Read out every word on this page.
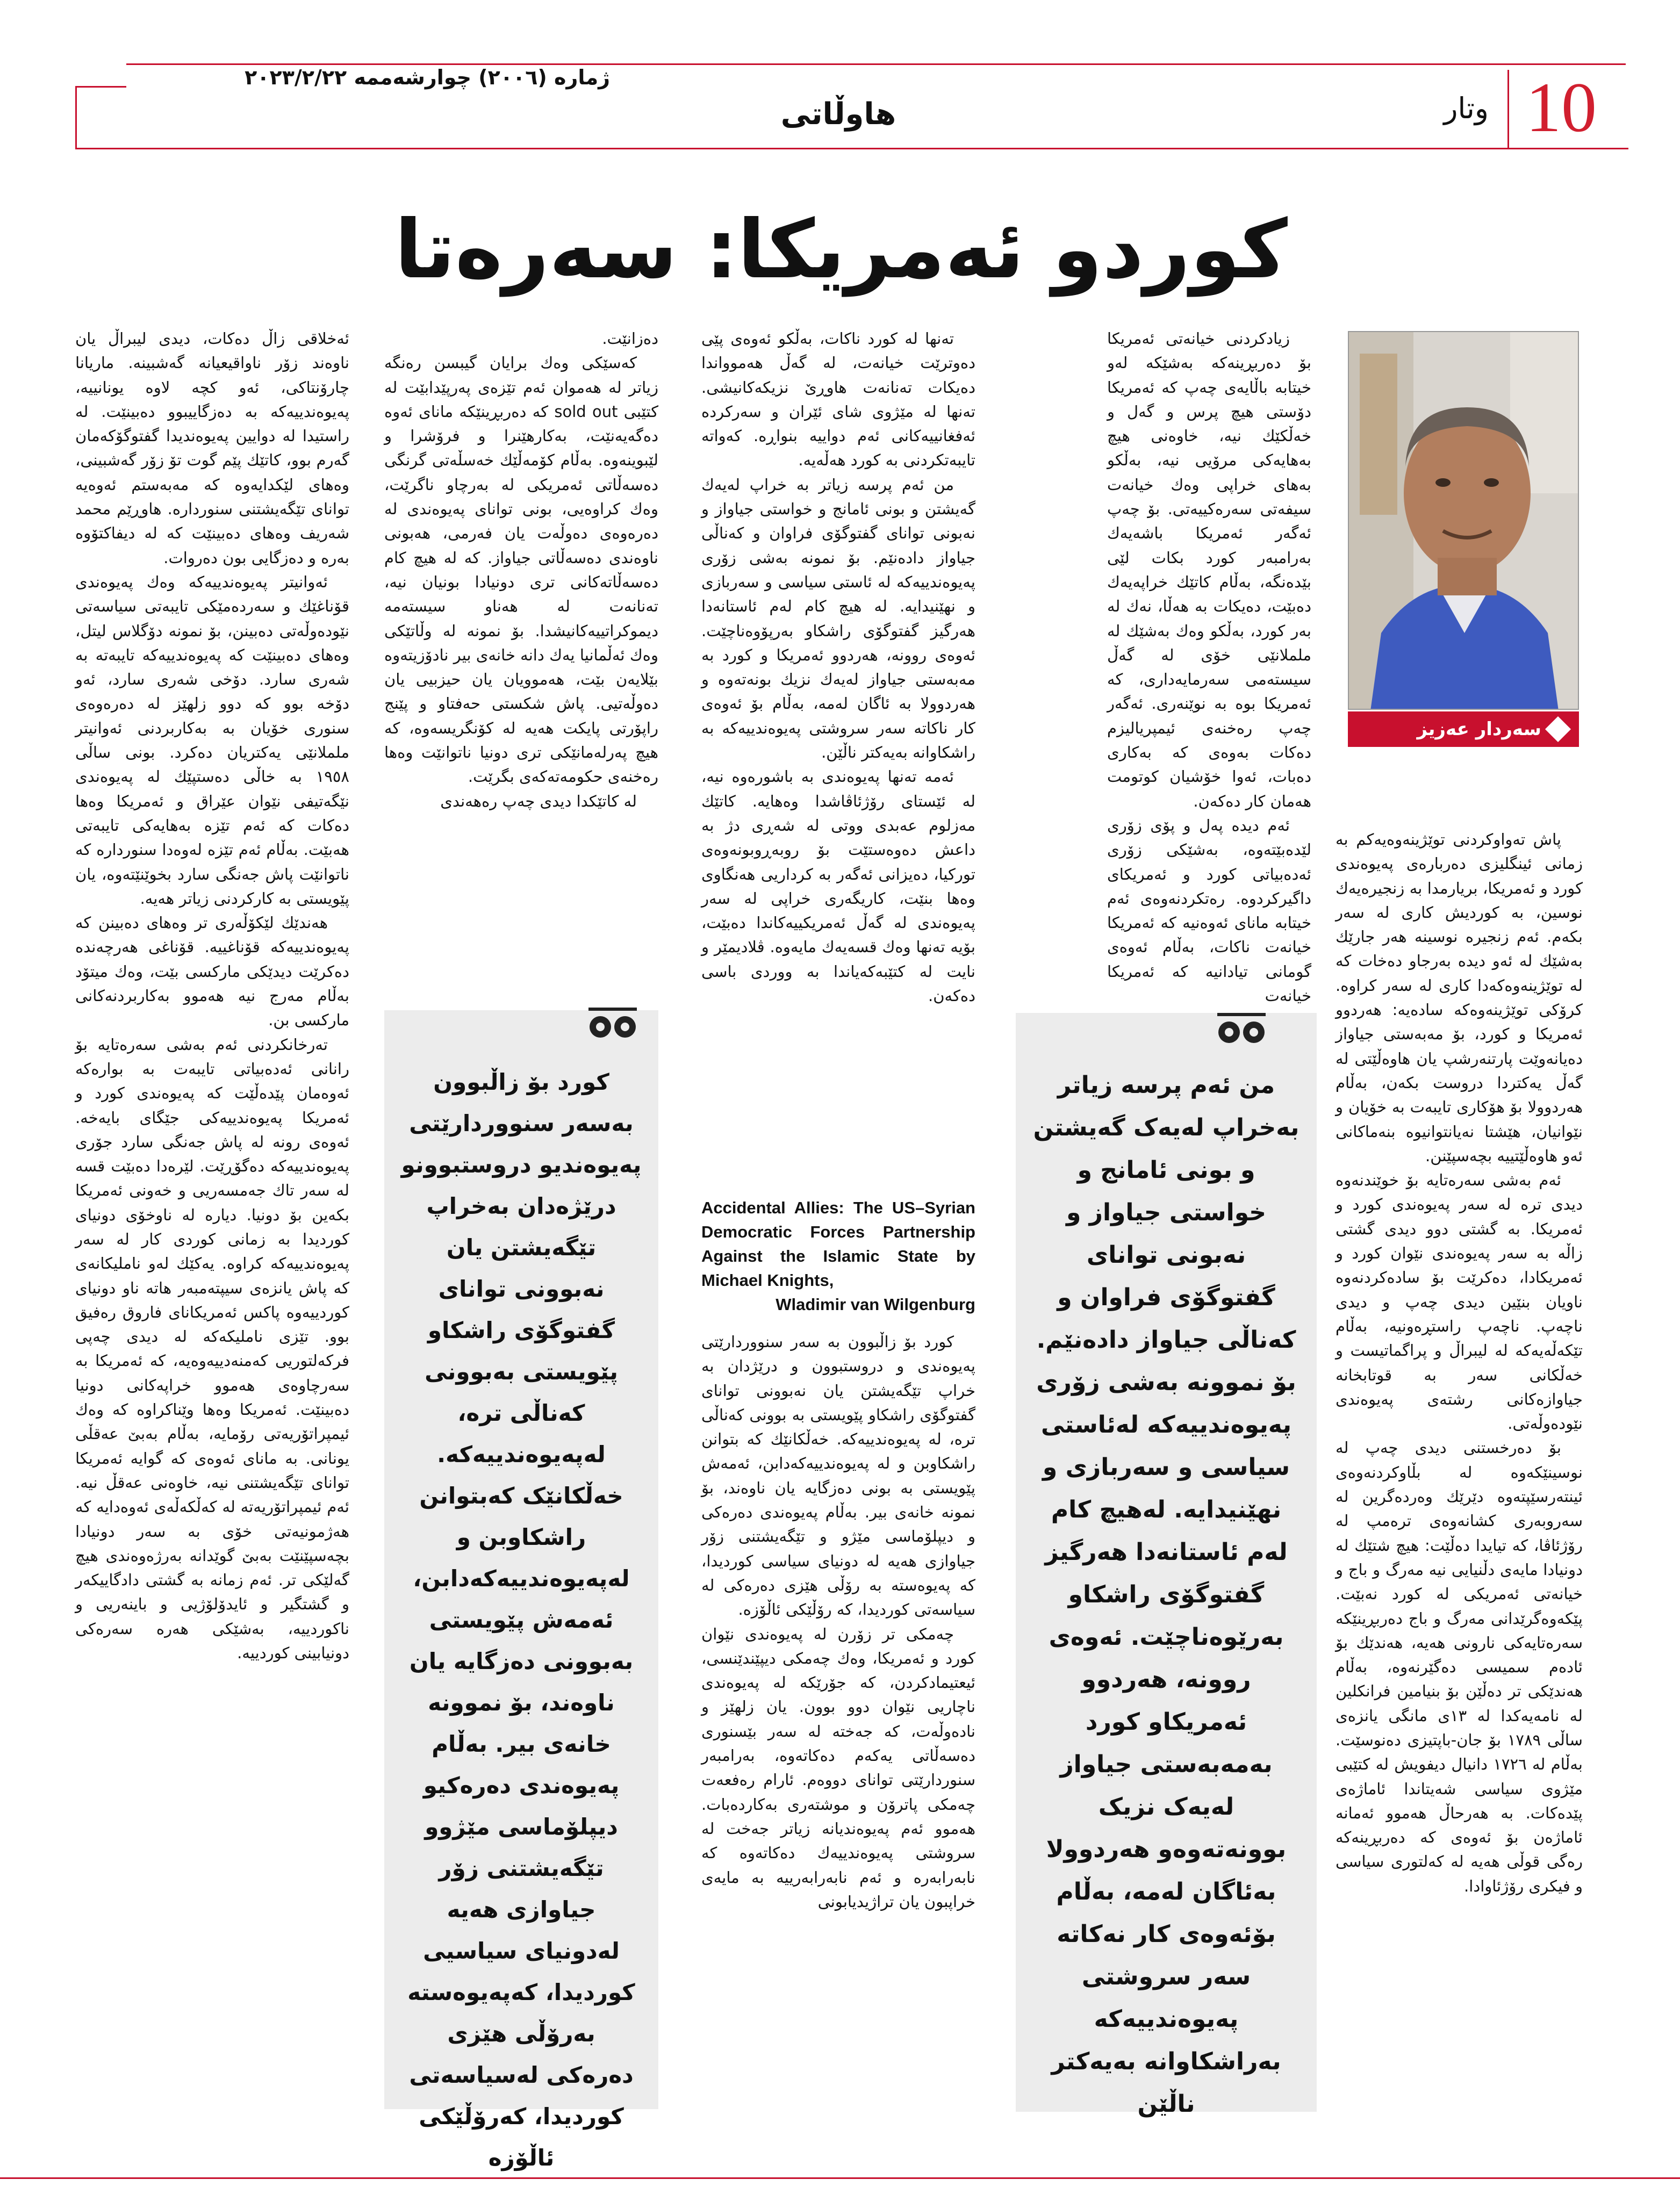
ژمارە (٢٠٠٦) چوارشەممە ٢٠٢٣/٢/٢٢
هاوڵاتی	وتار 10
کوردو ئەمریکا: سەرەتا
سەردار عەزیز

زیادکردنی خیانەتی ئەمریکا بۆ دەربڕینەکە بەشێکە لەو خیتابە باڵایەی چەپ کە ئەمریکا دۆستی هیچ پرس و گەل و خەڵکێك نیە، خاوەنی هیچ بەهایەکی مرۆیی نیە، بەڵکو بەهای خراپی وەك خیانەت سیفەتی سەرەکییەتی. بۆ چەپ ئەگەر ئەمریکا باشەیەك بەرامبەر کورد بکات لێی بێدەنگە، بەڵام کاتێك خراپەیەك دەبێت، دەیکات بە هەڵا، نەك لە بەر کورد، بەڵکو وەك بەشێك لە ململانێی خۆی لە گەڵ سیستەمی سەرمایەداری، کە ئەمریکا بوە بە نوێنەری. ئەگەر چەپ رەخنەی ئیمپریالیزم دەکات بەوەی کە بەکاری دەبات، ئەوا خۆشیان کوتومت هەمان کار دەکەن.

ئەم دیدە پەل و پۆی زۆری لێدەبێتەوە، بەشێکی زۆری ئەدەبیاتی کورد و ئەمریکای داگیرکردوە. رەتکردنەوەی ئەم خیتابە مانای ئەوەنیە کە ئەمریکا خیانەت ناکات، بەڵام ئەوەی گومانی تیادانیە کە ئەمریکا خیانەت

پاش تەواوکردنی توێژینەوەیەکم بە زمانی ئینگلیزی دەربارەی پەیوەندی کورد و ئەمریکا، بریارمدا بە زنجیرەیەك نوسین، بە کوردیش کاری لە سەر بکەم. ئەم زنجیرە نوسینە هەر جارێك بەشێك لە ئەو دیدە بەرجاو دەخات کە لە توێژینەوەکەدا کاری لە سەر کراوە. کرۆکی توێژینەوەکە سادەیە: هەردوو ئەمریکا و کورد، بۆ مەبەستی جیاواز دەیانەوێت پارتنەرشپ یان هاوەڵێتی لە گەڵ یەکتردا دروست بکەن، بەڵام هەردوولا بۆ هۆکاری تایبەت بە خۆیان و نێوانیان، هێشتا نەیانتوانیوە بنەماکانی ئەو هاوەڵێتییە بچەسپێنن.

ئەم بەشی سەرەتایە بۆ خوێندنەوە دیدی ترە لە سەر پەیوەندی کورد و ئەمریکا. بە گشتی دوو دیدی گشتی زاڵە بە سەر پەیوەندی نێوان کورد و ئەمریکادا، دەکرێت بۆ سادەکردنەوە ناویان بنێین دیدی چەپ و دیدی ناچەپ. ناچەپ راستڕەونیە، بەڵام تێکەڵەیەکە لە لیبراڵ و پراگماتیست و خەڵکانی سەر بە قوتابخانە جیاوازەکانی رشتەی پەیوەندی نێودەوڵەتی.

بۆ دەرخستنی دیدی چەپ لە نوسینێکەوە لە بڵاوکردنەوەی ئینتەرسێپتەوە دێرێك وەردەگرین لە سەروبەری کشانەوەی ترەمپ لە رۆژئاڤا، کە تیایدا دەڵێت: هیچ شتێك لە دونیادا مایەی دڵنیایی نیە مەرگ و باج و خیانەتی ئەمریکی لە کورد نەبێت. پێکەوەگرێدانی مەرگ و باج دەربڕینێکە سەرەتایەکی نارونی هەیە، هەندێك بۆ ئادەم سمیسی دەگێرنەوە، بەڵام هەندێکی تر دەڵێن بۆ بنیامین فرانکلین لە نامەیەکدا لە ١٣ی مانگی یانزەی ساڵی ١٧٨٩ بۆ جان-باپتیزی دەنوسێت. بەڵام لە ١٧٢٦ دانیال دیفویش لە کتێبی مێژوی سیاسی شەیتاندا ئاماژەی پێدەکات. بە هەرحاڵ هەموو ئەمانە ئاماژەن بۆ ئەوەی کە دەربڕینەکە رەگی قوڵی هەیە لە کەلتوری سیاسی و فیکری رۆژئاوادا.

من ئەم پرسە زیاتر بەخراپ لەیەک گەیشتن و بونی ئامانج و خواستی جیاواز و نەبونی توانای گفتوگۆی فراوان و کەناڵی جیاواز دادەنێم. بۆ نموونە بەشی زۆری پەیوەندییەکە لەئاستی سیاسی و سەربازی و نهێنیدایە. لەهیچ کام لەم ئاستانەدا هەرگیز گفتوگۆی راشکاو بەرێوەناچێت. ئەوەی روونە، هەردوو ئەمریکاو کورد بەمەبەستی جیاواز لەیەک نزیک بوونەتەوەو هەردوولا بەئاگان لەمە، بەڵام بۆئەوەی کار نەکاتە سەر سروشتی پەیوەندییەکە بەراشکاوانە بەیەکتر ناڵێن

تەنها لە کورد ناکات، بەڵکو ئەوەی پێی دەوترێت خیانەت، لە گەڵ هەموواندا دەیکات تەنانەت هاوڕێ نزیکەکانیشی. تەنها لە مێژوی شای ئێران و سەرکردە ئەفغانییەکانی ئەم دواییە بنواڕە. کەواتە تایبەتکردنی بە کورد هەڵەیە.

من ئەم پرسە زیاتر بە خراپ لەیەك گەیشتن و بونی ئامانج و خواستی جیاواز و نەبونی توانای گفتوگۆی فراوان و کەناڵی جیاواز دادەنێم. بۆ نمونە بەشی زۆری پەیوەندییەکە لە ئاستی سیاسی و سەربازی و نهێنیدایە. لە هیچ کام لەم ئاستانەدا هەرگیز گفتوگۆی راشکاو بەرپۆوەناچێت. ئەوەی روونە، هەردوو ئەمریکا و کورد بە مەبەستی جیاواز لەیەك نزیك بونەتەوە و هەردوولا بە ئاگان لەمە، بەڵام بۆ ئەوەی کار ناکاتە سەر سروشتی پەیوەندییەکە بە راشکاوانە بەیەکتر ناڵێن.

ئەمە تەنها پەیوەندی بە باشورەوە نیە، لە ئێستای رۆژئاڤاشدا وەهایە. کاتێك مەزلوم عەبدی ووتی لە شەڕی دژ بە داعش دەوەستێت بۆ روبەڕوبونەوەی تورکیا، دەیزانی ئەگەر بە کرداریی هەنگاوی وەها بنێت، کاریگەری خراپی لە سەر پەیوەندی لە گەڵ ئەمریکییەکاندا دەبێت، بۆیە تەنها وەك قسەیەك مایەوە. ڤلادیمێر و نایت لە کتێبەکەیاندا بە ووردی باسی دەکەن.

Accidental Allies: The US–Syrian Democratic Forces Partnership Against the Islamic State by Michael Knights,

Wladimir van Wilgenburg

کورد بۆ زاڵبوون بە سەر سنووردارێتی پەیوەندی و دروستبوون و درێژدان بە خراپ تێگەیشتن یان نەبوونی توانای گفتوگۆی راشکاو پێویستی بە بوونی کەناڵی ترە، لە پەیوەندییەکە. خەڵکانێك کە بتوانن راشکاوبن و لە پەیوەندییەکەدابن، ئەمەش پێویستی بە بونی دەزگایە یان ناوەند، بۆ نمونە خانەی بیر. بەڵام پەیوەندی دەرەکی و دیپلۆماسی مێژو و تێگەیشتنی زۆر جیاوازی هەیە لە دونیای سیاسی کوردیدا، کە پەیوەستە بە رۆڵی هێزی دەرەکی لە سیاسەتی کوردیدا، کە رۆڵێکی ئاڵۆزە.

چەمکی تر زۆرن لە پەیوەندی نێوان کورد و ئەمریکا، وەك چەمکی دیپێندێنسی، ئیعتیمادکردن، کە جۆرێکە لە پەیوەندی ناچاریی نێوان دوو بوون. یان زلهێز و نادەوڵەت، کە جەختە لە سەر بێسنوری دەسەڵاتی یەکەم دەکاتەوە، بەرامبەر سنوردارێتی توانای دووەم. ئارام رەفعەت چەمکی پاترۆن و موشتەری بەکاردەبات. هەموو ئەم پەیوەندیانە زیاتر جەخت لە سروشتی پەیوەندییەك دەکاتەوە کە نابەرابەرە و ئەم نابەرابەرییە بە مایەی خراپبون یان تراژیدیابونی

دەزانێت.

کەسێکی وەك برایان گیبسن رەنگە زیاتر لە هەموان ئەم تێزەی پەرپێدابێت لە کتێبی sold out کە دەربڕینێکە مانای ئەوە دەگەیەنێت، بەکارهێنرا و فرۆشرا و لێبوینەوە. بەڵام کۆمەڵێك خەسڵەتی گرنگی دەسەڵاتی ئەمریکی لە بەرچاو ناگرێت، وەك کراوەیی، بونی توانای پەیوەندی لە دەرەوەی دەوڵەت یان فەرمی، هەبونی ناوەندی دەسەڵاتی جیاواز. کە لە هیچ کام دەسەڵاتەکانی تری دونیادا بونیان نیە، تەنانەت لە هەناو سیستەمە دیموکراتییەکانیشدا. بۆ نمونە لە وڵاتێکی وەك ئەڵمانیا یەك دانە خانەی بیر نادۆزیتەوە بێلایەن بێت، هەموویان یان حیزبیی یان دەوڵەتیی. پاش شکستی حەفتاو و پێنج راپۆرتی پایکت هەیە لە کۆنگریسەوە، کە هیچ پەرلەمانێکی تری دونیا ناتوانێت وەها رەخنەی حکومەتەکەی بگرێت.

لە کاتێکدا دیدی چەپ رەهەندی

کورد بۆ زاڵبوون بەسەر سنووردارێتی پەیوەندیو دروستبوونو درێژەدان بەخراپ تێگەیشتن یان نەبوونی توانای گفتوگۆی راشکاو پێویستی بەبوونی کەناڵی ترە، لەپەیوەندییەکە. خەڵکانێک کەبتوانن راشکاوبن و لەپەیوەندییەکەدابن، ئەمەش پێویستی بەبوونی دەزگایە یان ناوەند، بۆ نموونە خانەی بیر. بەڵام پەیوەندی دەرەکیو دیپلۆماسی مێژوو تێگەیشتنی زۆر جیاوازی هەیە لەدونیای سیاسیی کوردیدا، کەپەیوەستە بەرۆڵی هێزی دەرەکی لەسیاسەتی کوردیدا، کەرۆڵێکی ئاڵۆزە

ئەخلاقی زاڵ دەکات، دیدی لیبراڵ یان ناوەند زۆر ناواقیعیانە گەشبینە. ماریانا چارۆنتاکی، ئەو کچە لاوە یونانییە، پەیوەندییەکە بە دەزگاییبوو دەبینێت. لە راستیدا لە دوایین پەیوەندیدا گفتوگۆکەمان گەرم بوو، کاتێك پێم گوت تۆ زۆر گەشبینی، وەهای لێکدایەوە کە مەبەستم ئەوەیە توانای تێگەیشتنی سنورداره. هاوڕێم محمد شەریف وەهای دەبینێت کە لە دیفاکتۆوە بەرە و دەزگایی بون دەروات.

ئەوانیتر پەیوەندییەکە وەك پەیوەندی قۆناغێك و سەردەمێکی تایبەتی سیاسەتی نێودەوڵەتی دەبینن، بۆ نمونە دۆگلاس لیتل، وەهای دەبینێت کە پەیوەندییەکە تایبەتە بە شەری سارد. دۆخی شەری سارد، ئەو دۆخە بوو کە دوو زلهێز لە دەرەوەی سنوری خۆیان بە بەکاربردنی ئەوانیتر ململانێی یەکتریان دەکرد. بونی ساڵی ١٩٥٨ بە خاڵی دەستپێك لە پەیوەندی نێگەتیفی نێوان عێراق و ئەمریکا وەها دەکات کە ئەم تێزە بەهایەکی تایبەتی هەبێت. بەڵام ئەم تێزە لەوەدا سنوردارە کە ناتوانێت پاش جەنگی سارد بخوێنێتەوە، یان پێویستی بە کارکردنی زیاتر هەیە.

هەندێك لێکۆڵەری تر وەهای دەبینن کە پەیوەندییەکە قۆناغییە. قۆناغی هەرچەندە دەکرێت دیدێکی مارکسی بێت، وەك میتۆد بەڵام مەرج نیە هەموو بەکاربردنەکانی مارکسی بن.

تەرخانکردنی ئەم بەشی سەرەتایە بۆ رانانی ئەدەبیاتی تایبەت بە بوارەکە ئەوەمان پێدەڵێت کە پەیوەندی کورد و ئەمریکا پەیوەندییەکی جێگای بایەخە. ئەوەی رونە لە پاش جەنگی سارد جۆری پەیوەندییەکە دەگۆڕێت. لێرەدا دەبێت قسە لە سەر تاك جەمسەریی و خەونی ئەمریکا بکەین بۆ دونیا. دیارە لە ناوخۆی دونیای کوردیدا بە زمانی کوردی کار لە سەر پەیوەندییەکە کراوە. یەکێك لەو ناملیکانەی کە پاش یانزەی سیپتەمبەر هاتە ناو دونیای کوردییەوە پاکس ئەمریکانای فاروق رەفیق بوو. تێزی ناملیکەکە لە دیدی چەپی فرکەلتوریی کەمنەدییەوەیە، کە ئەمریکا بە سەرچاوەی هەموو خراپەکانی دونیا دەبینێت. ئەمریکا وەها وێناکراوە کە وەك ئیمپراتۆریەتی رۆمایە، بەڵام بەبێ عەقڵی یونانی. بە مانای ئەوەی کە گوایە ئەمریکا توانای تێگەیشتنی نیە، خاوەنی عەقڵ نیە. ئەم ئیمپراتۆریەتە لە کەڵکەڵەی ئەوەدایە کە هەژمونیەتی خۆی بە سەر دونیادا بچەسپێنێت بەبێ گوێدانە بەرژەوەندی هیچ گەلێکی تر. ئەم زمانە بە گشتی دادگاییکەر و گشتگیر و ئایدۆلۆژیی و باینەریی و ناکوردییە، بەشێکی هەرە سەرەکی دونیابینی کوردییە.
